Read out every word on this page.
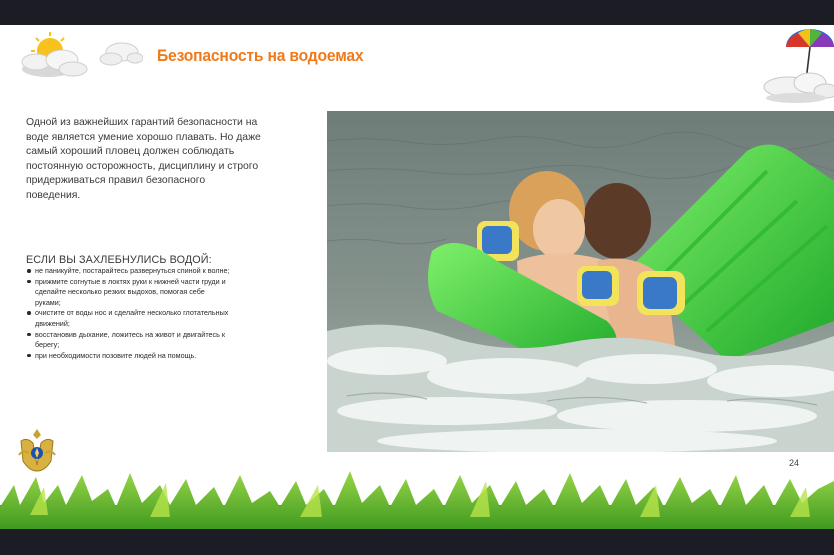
Безопасность на водоемах

Одной из важнейших гарантий безопасности на воде является умение хорошо плавать. Но даже самый хороший пловец должен соблюдать постоянную осторожность, дисциплину и строго придерживаться правил безопасного поведения.

ЕСЛИ ВЫ ЗАХЛЕБНУЛИСЬ ВОДОЙ:

не паникуйте, постарайтесь развернуться спиной к волне;
прижмите согнутые в локтях руки к нижней части груди и сделайте несколько резких выдохов, помогая себе руками;
очистите от воды нос и сделайте несколько глотательных движений;
восстановив дыхание, ложитесь на живот и двигайтесь к берегу;
при необходимости позовите людей на помощь.

24
